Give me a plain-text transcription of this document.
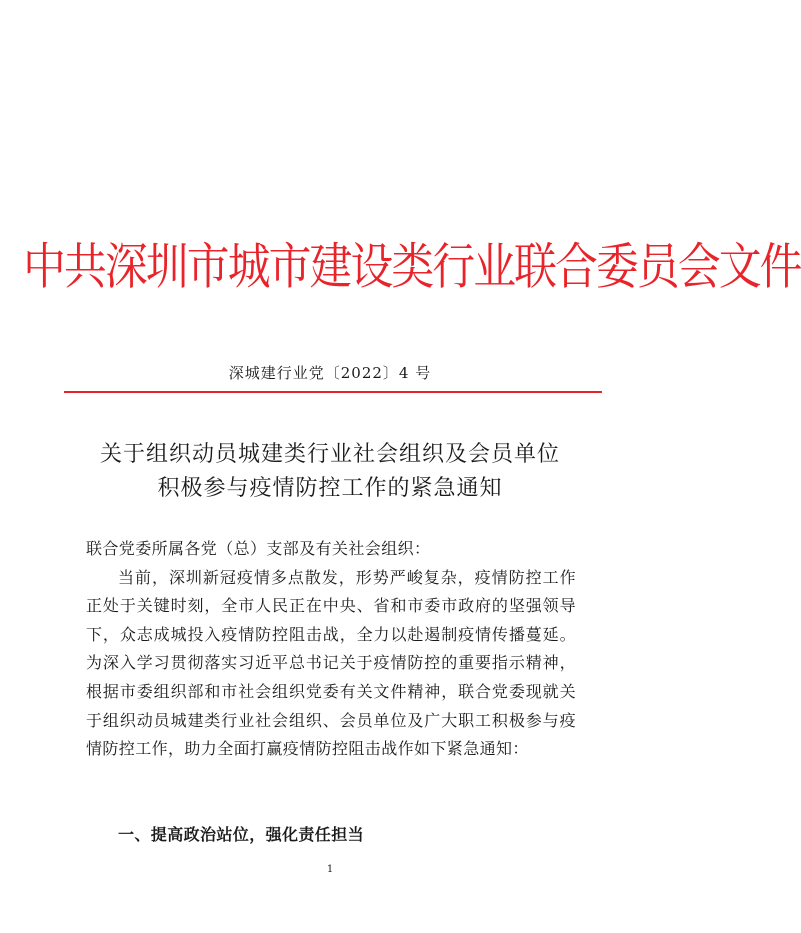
中共深圳市城市建设类行业联合委员会文件
深城建行业党〔2022〕4 号
关于组织动员城建类行业社会组织及会员单位
积极参与疫情防控工作的紧急通知

联合党委所属各党（总）支部及有关社会组织：

当前，深圳新冠疫情多点散发，形势严峻复杂，疫情防控工作正处于关键时刻，全市人民正在中央、省和市委市政府的坚强领导下，众志成城投入疫情防控阻击战，全力以赴遏制疫情传播蔓延。为深入学习贯彻落实习近平总书记关于疫情防控的重要指示精神，根据市委组织部和市社会组织党委有关文件精神，联合党委现就关于组织动员城建类行业社会组织、会员单位及广大职工积极参与疫情防控工作，助力全面打赢疫情防控阻击战作如下紧急通知：

一、提高政治站位，强化责任担当
1
